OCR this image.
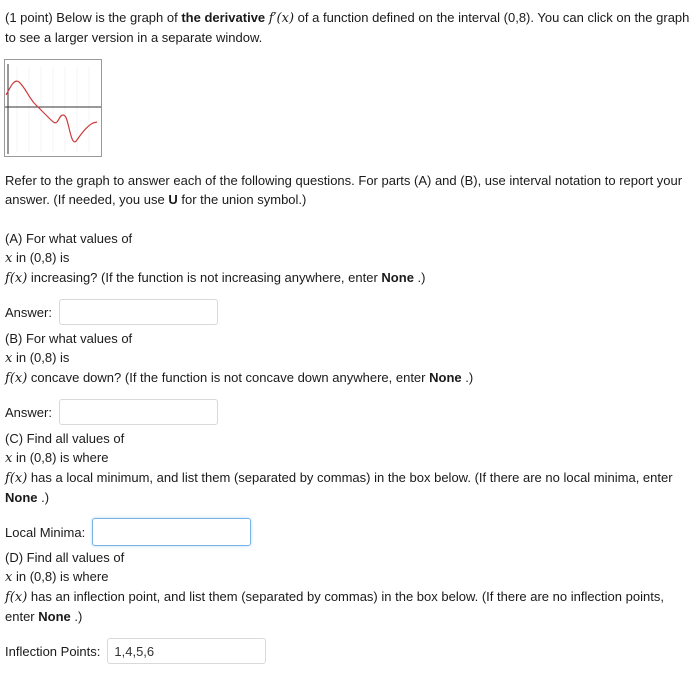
(1 point) Below is the graph of the derivative f′(x) of a function defined on the interval (0,8). You can click on the graph to see a larger version in a separate window.
Refer to the graph to answer each of the following questions. For parts (A) and (B), use interval notation to report your answer. (If needed, you use U for the union symbol.)
(A) For what values of
x in (0,8) is
f(x) increasing? (If the function is not increasing anywhere, enter None .)
Answer:
(B) For what values of
x in (0,8) is
f(x) concave down? (If the function is not concave down anywhere, enter None .)
Answer:
(C) Find all values of
x in (0,8) is where
f(x) has a local minimum, and list them (separated by commas) in the box below. (If there are no local minima, enter None .)
Local Minima:
(D) Find all values of
x in (0,8) is where
f(x) has an inflection point, and list them (separated by commas) in the box below. (If there are no inflection points, enter None .)
Inflection Points:
1,4,5,6
